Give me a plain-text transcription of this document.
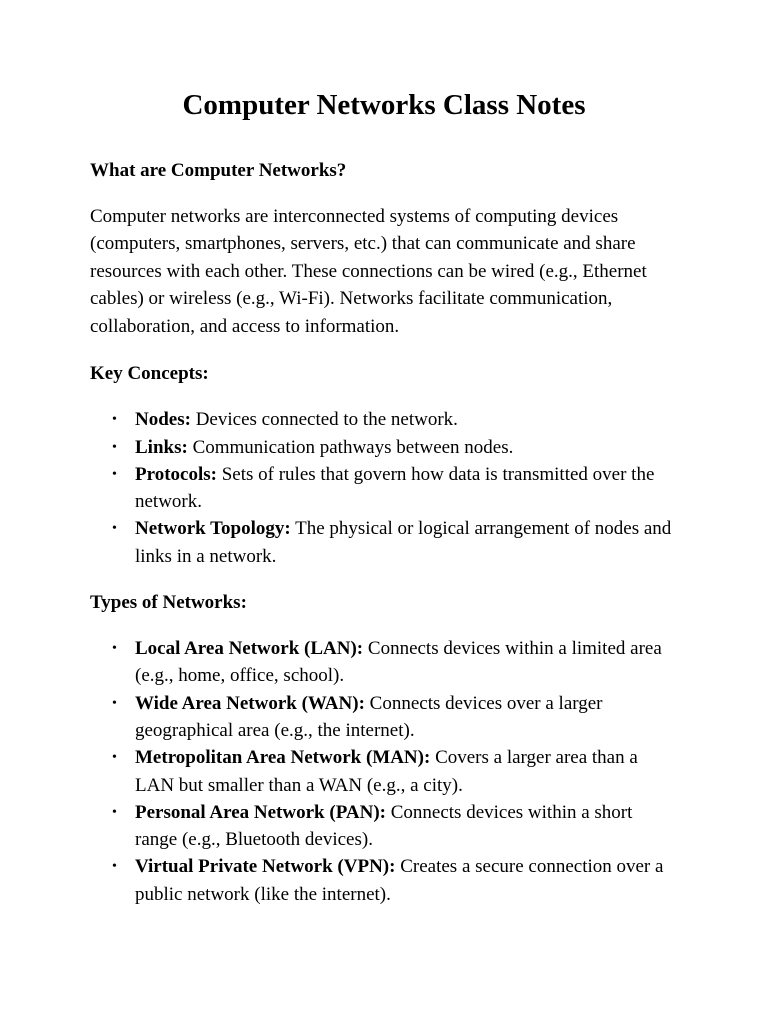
Computer Networks Class Notes
What are Computer Networks?

Computer networks are interconnected systems of computing devices (computers, smartphones, servers, etc.) that can communicate and share resources with each other. These connections can be wired (e.g., Ethernet cables) or wireless (e.g., Wi-Fi). Networks facilitate communication, collaboration, and access to information.

Key Concepts:
• Nodes: Devices connected to the network.
• Links: Communication pathways between nodes.
• Protocols: Sets of rules that govern how data is transmitted over the network.
• Network Topology: The physical or logical arrangement of nodes and links in a network.
Types of Networks:
• Local Area Network (LAN): Connects devices within a limited area (e.g., home, office, school).
• Wide Area Network (WAN): Connects devices over a larger geographical area (e.g., the internet).
• Metropolitan Area Network (MAN): Covers a larger area than a LAN but smaller than a WAN (e.g., a city).
• Personal Area Network (PAN): Connects devices within a short range (e.g., Bluetooth devices).
• Virtual Private Network (VPN): Creates a secure connection over a public network (like the internet).
